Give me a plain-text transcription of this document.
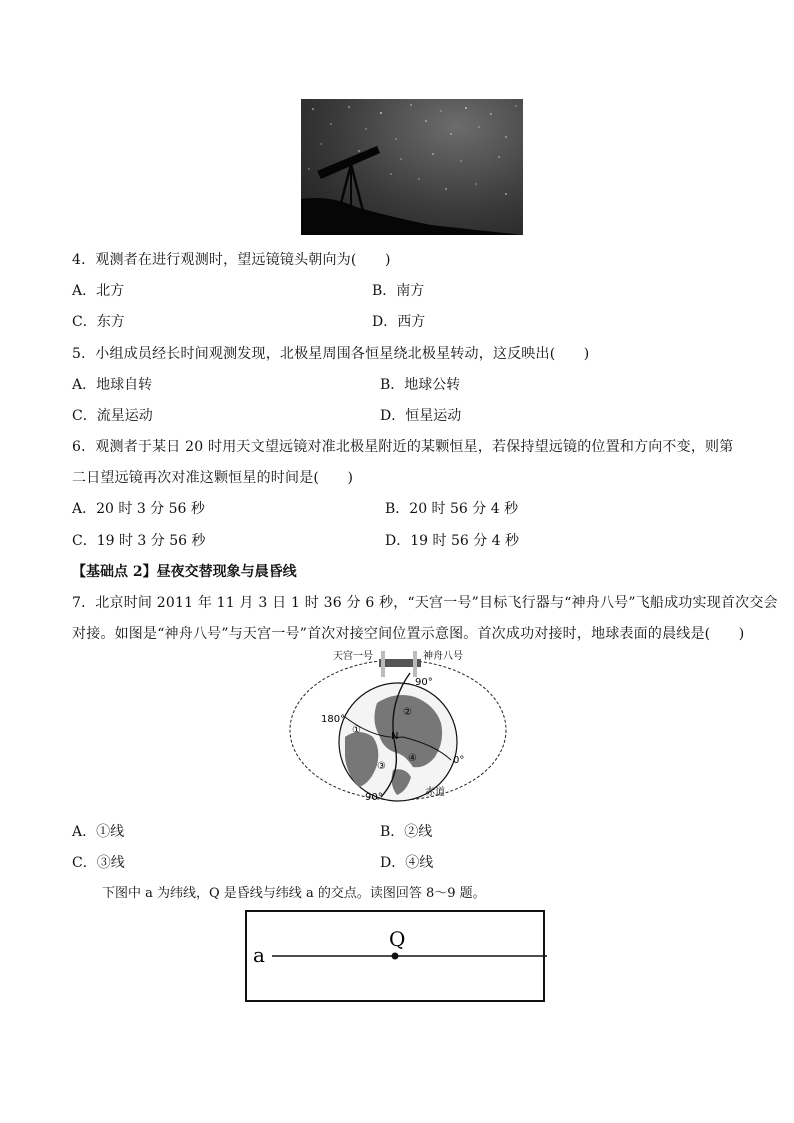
4．观测者在进行观测时，望远镜镜头朝向为(　　)
A．北方	B．南方
C．东方	D．西方
5．小组成员经长时间观测发现，北极星周围各恒星绕北极星转动，这反映出(　　)
A．地球自转	B．地球公转
C．流星运动	D．恒星运动
6．观测者于某日 20 时用天文望远镜对准北极星附近的某颗恒星，若保持望远镜的位置和方向不变，则第
二日望远镜再次对准这颗恒星的时间是(　　)
A．20 时 3 分 56 秒	B．20 时 56 分 4 秒
C．19 时 3 分 56 秒	D．19 时 56 分 4 秒
【基础点 2】昼夜交替现象与晨昏线
7．北京时间 2011 年 11 月 3 日 1 时 36 分 6 秒，“天宫一号”目标飞行器与“神舟八号”飞船成功实现首次交会
对接。如图是“神舟八号”与天宫一号”首次对接空间位置示意图。首次成功对接时，地球表面的晨线是(　　)
天宫一号	神舟八号
90°
180°
0°
90°
N
赤道
①
②
③
④
A．①线	B．②线
C．③线	D．④线
下图中 a 为纬线，Q 是昏线与纬线 a 的交点。读图回答 8～9 题。
a
Q
